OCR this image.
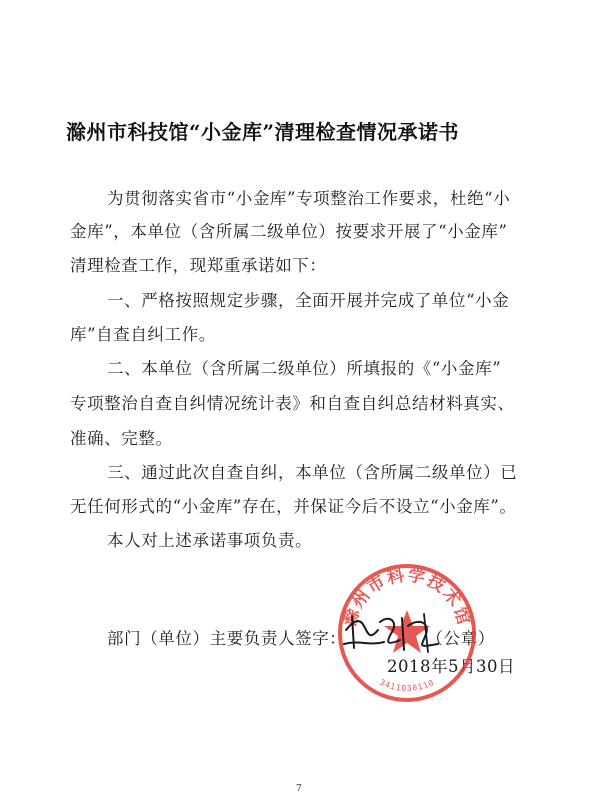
滁州市科技馆“小金库”清理检查情况承诺书
为贯彻落实省市“小金库”专项整治工作要求，杜绝“小
金库”，本单位（含所属二级单位）按要求开展了“小金库”
清理检查工作，现郑重承诺如下：
一、严格按照规定步骤，全面开展并完成了单位“小金
库”自查自纠工作。
二、本单位（含所属二级单位）所填报的《“小金库”
专项整治自查自纠情况统计表》和自查自纠总结材料真实、
准确、完整。
三、通过此次自查自纠，本单位（含所属二级单位）已
无任何形式的“小金库”存在，并保证今后不设立“小金库”。
本人对上述承诺事项负责。
部门（单位）主要负责人签字：	（公章）
2018年5月30日
滁州市科学技术馆
3411030110
7
